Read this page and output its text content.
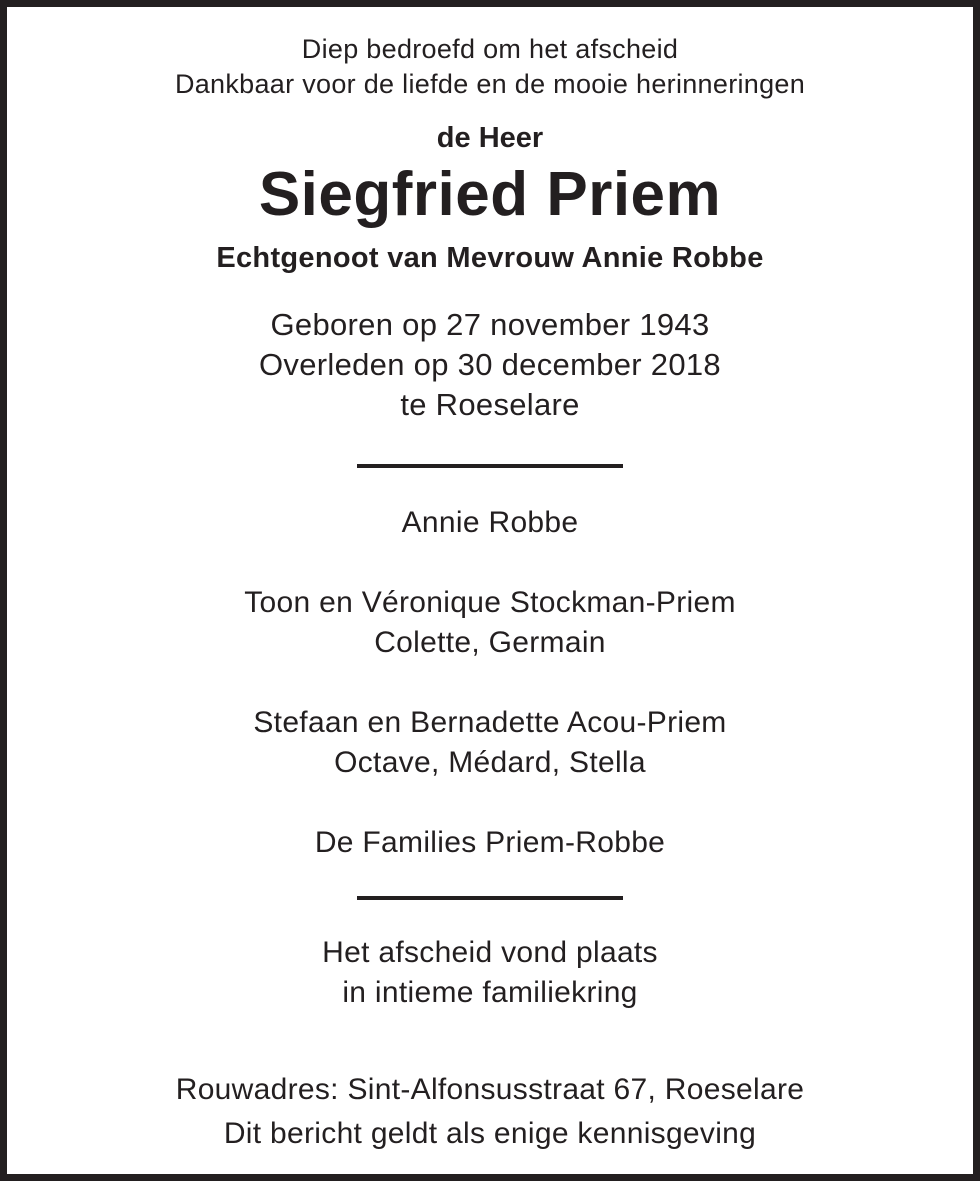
Diep bedroefd om het afscheid
Dankbaar voor de liefde en de mooie herinneringen
de Heer
Siegfried Priem
Echtgenoot van Mevrouw Annie Robbe
Geboren op 27 november 1943
Overleden op 30 december 2018
te Roeselare
Annie Robbe
Toon en Véronique Stockman-Priem
Colette, Germain
Stefaan en Bernadette Acou-Priem
Octave, Médard, Stella
De Families Priem-Robbe
Het afscheid vond plaats
in intieme familiekring
Rouwadres: Sint-Alfonsusstraat 67, Roeselare
Dit bericht geldt als enige kennisgeving
